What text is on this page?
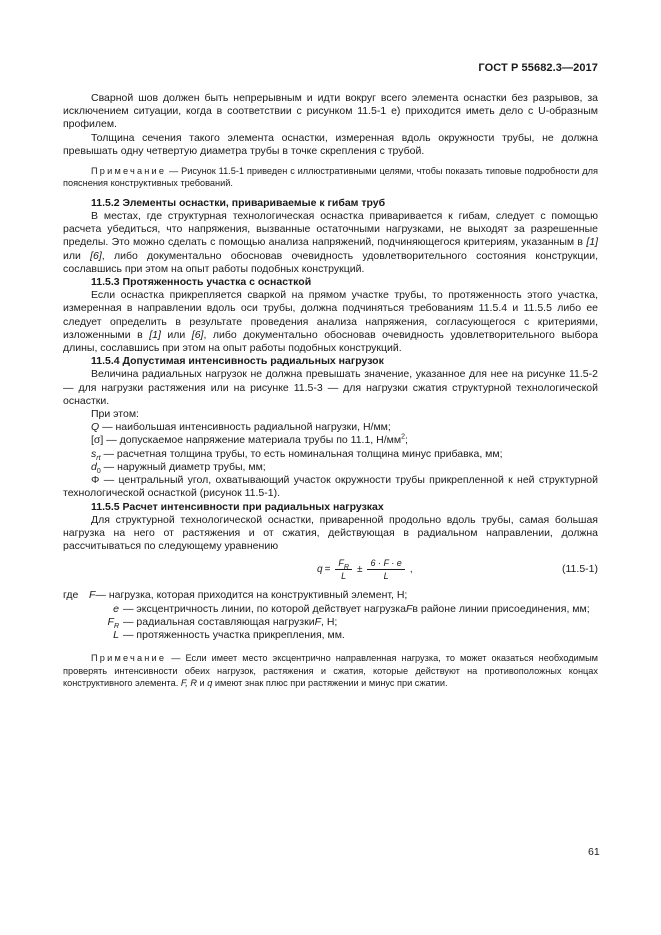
ГОСТ Р 55682.3—2017

Сварной шов должен быть непрерывным и идти вокруг всего элемента оснастки без разрывов, за исключением ситуации, когда в соответствии с рисунком 11.5-1 e) приходится иметь дело с U-образным профилем.

Толщина сечения такого элемента оснастки, измеренная вдоль окружности трубы, не должна превышать одну четвертую диаметра трубы в точке скрепления с трубой.

Примечание — Рисунок 11.5-1 приведен с иллюстративными целями, чтобы показать типовые подробности для пояснения конструктивных требований.

11.5.2 Элементы оснастки, привариваемые к гибам труб

В местах, где структурная технологическая оснастка приваривается к гибам, следует с помощью расчета убедиться, что напряжения, вызванные остаточными нагрузками, не выходят за разрешенные пределы. Это можно сделать с помощью анализа напряжений, подчиняющегося критериям, указанным в [1] или [6], либо документально обосновав очевидность удовлетворительного состояния конструкции, сославшись при этом на опыт работы подобных конструкций.

11.5.3 Протяженность участка с оснасткой

Если оснастка прикрепляется сваркой на прямом участке трубы, то протяженность этого участка, измеренная в направлении вдоль оси трубы, должна подчиняться требованиям 11.5.4 и 11.5.5 либо ее следует определить в результате проведения анализа напряжения, согласующегося с критериями, изложенными в [1] или [6], либо документально обосновав очевидность удовлетворительного выбора длины, сославшись при этом на опыт работы подобных конструкций.

11.5.4 Допустимая интенсивность радиальных нагрузок

Величина радиальных нагрузок не должна превышать значение, указанное для нее на рисунке 11.5-2 — для нагрузки растяжения или на рисунке 11.5-3 — для нагрузки сжатия структурной технологической оснастки.

При этом:

Q — наибольшая интенсивность радиальной нагрузки, Н/мм;

[σ] — допускаемое напряжение материала трубы по 11.1, $Н/мм^2$;

$s_{rt}$ — расчетная толщина трубы, то есть номинальная толщина минус прибавка, мм;

$d_0$ — наружный диаметр трубы, мм;

Φ — центральный угол, охватывающий участок окружности трубы прикрепленной к ней структурной технологической оснасткой (рисунок 11.5-1).

11.5.5 Расчет интенсивности при радиальных нагрузках

Для структурной технологической оснастки, приваренной продольно вдоль трубы, самая большая нагрузка на него от растяжения и от сжатия, действующая в радиальном направлении, должна рассчитываться по следующему уравнению

$q = \frac{F_R}{L} \pm \frac{6 \cdot F \cdot e}{L}$ ,	(11.5-1)

где	F — нагрузка, которая приходится на конструктивный элемент, Н;

e — эксцентричность линии, по которой действует нагрузка F в районе линии присоединения, мм;

$F_R$ — радиальная составляющая нагрузки F , Н;

L — протяженность участка прикрепления, мм.

Примечание — Если имеет место эксцентрично направленная нагрузка, то может оказаться необходимым проверять интенсивности обеих нагрузок, растяжения и сжатия, которые действуют на противоположных концах конструктивного элемента. F, R и q имеют знак плюс при растяжении и минус при сжатии.

61
